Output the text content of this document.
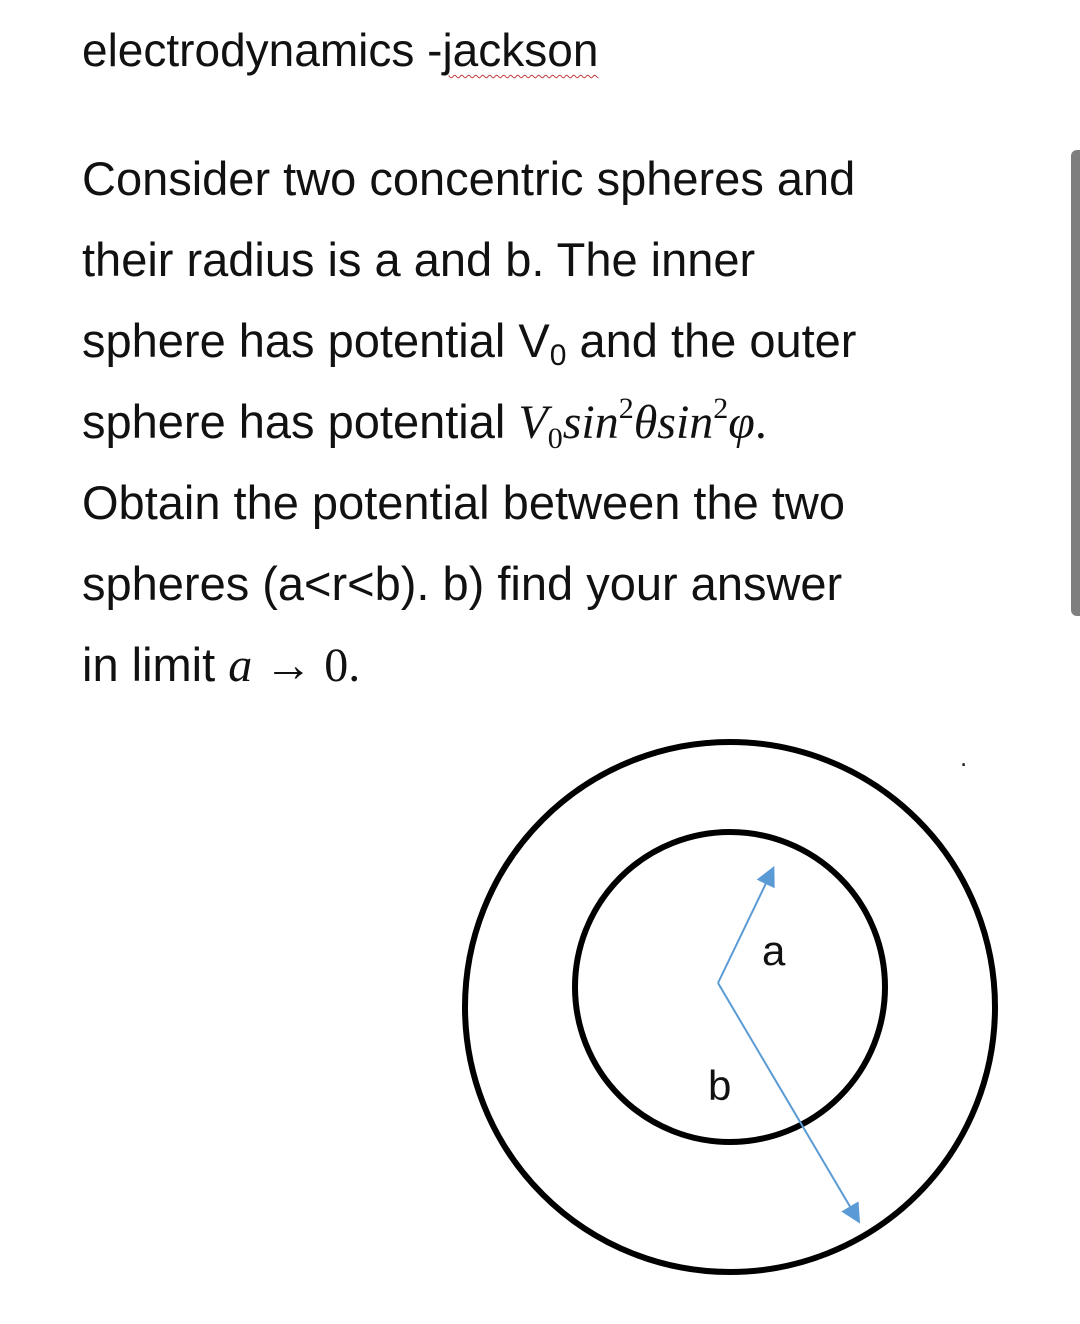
electrodynamics -jackson
Consider two concentric spheres and
their radius is a and b. The inner
sphere has potential V0 and the outer
sphere has potential $V_0\sin^2\theta\sin^2\varphi$.
Obtain the potential between the two
spheres (a<r<b). b) find your answer
in limit a → 0.
.
a
b
